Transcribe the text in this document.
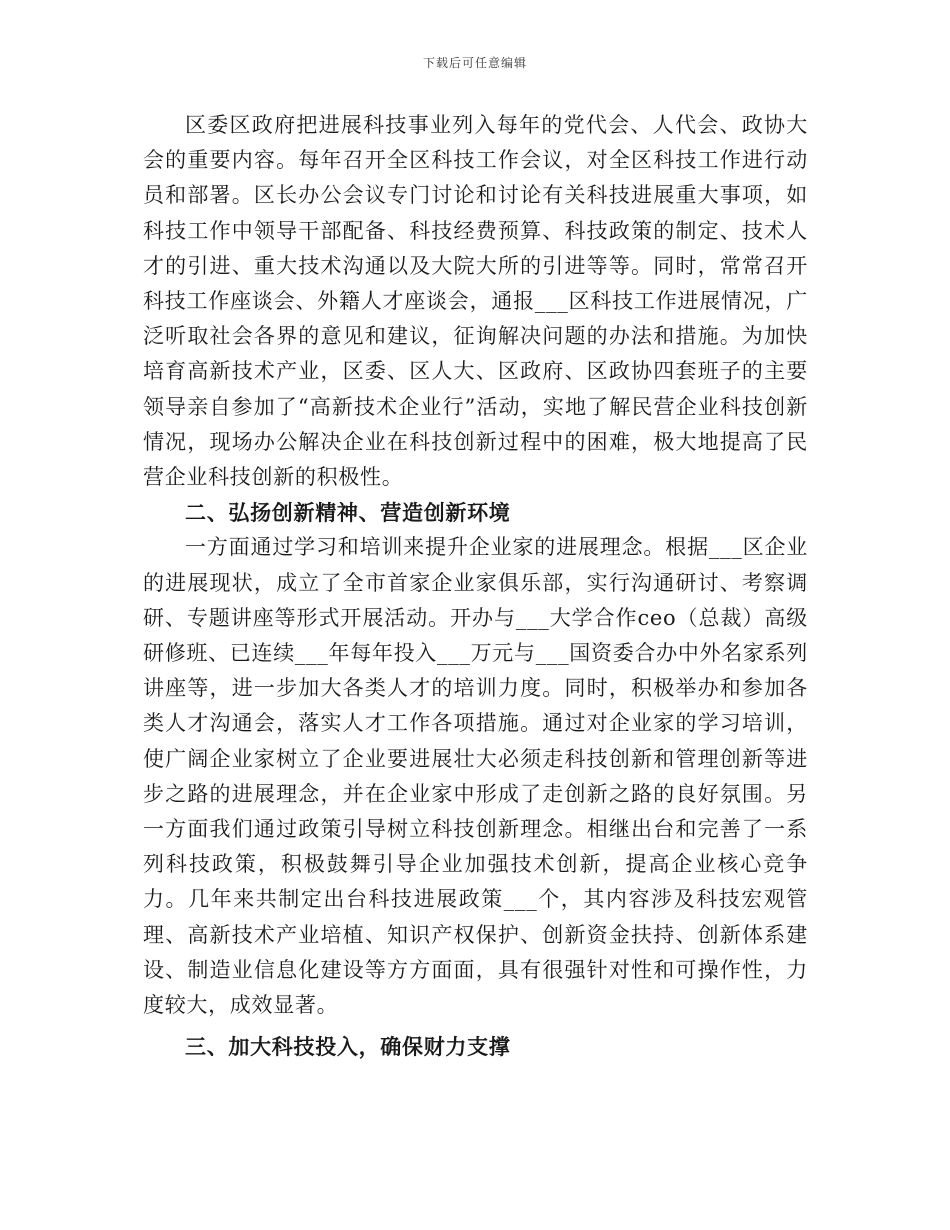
下载后可任意编辑

区委区政府把进展科技事业列入每年的党代会、人代会、政协大会的重要内容。每年召开全区科技工作会议，对全区科技工作进行动员和部署。区长办公会议专门讨论和讨论有关科技进展重大事项，如科技工作中领导干部配备、科技经费预算、科技政策的制定、技术人才的引进、重大技术沟通以及大院大所的引进等等。同时，常常召开科技工作座谈会、外籍人才座谈会，通报___区科技工作进展情况，广泛听取社会各界的意见和建议，征询解决问题的办法和措施。为加快培育高新技术产业，区委、区人大、区政府、区政协四套班子的主要领导亲自参加了“高新技术企业行”活动，实地了解民营企业科技创新情况，现场办公解决企业在科技创新过程中的困难，极大地提高了民营企业科技创新的积极性。

二、弘扬创新精神、营造创新环境

一方面通过学习和培训来提升企业家的进展理念。根据___区企业的进展现状，成立了全市首家企业家俱乐部，实行沟通研讨、考察调研、专题讲座等形式开展活动。开办与___大学合作ceo（总裁）高级研修班、已连续___年每年投入___万元与___国资委合办中外名家系列讲座等，进一步加大各类人才的培训力度。同时，积极举办和参加各类人才沟通会，落实人才工作各项措施。通过对企业家的学习培训，使广阔企业家树立了企业要进展壮大必须走科技创新和管理创新等进步之路的进展理念，并在企业家中形成了走创新之路的良好氛围。另一方面我们通过政策引导树立科技创新理念。相继出台和完善了一系列科技政策，积极鼓舞引导企业加强技术创新，提高企业核心竞争力。几年来共制定出台科技进展政策___个，其内容涉及科技宏观管理、高新技术产业培植、知识产权保护、创新资金扶持、创新体系建设、制造业信息化建设等方方面面，具有很强针对性和可操作性，力度较大，成效显著。

三、加大科技投入，确保财力支撑
